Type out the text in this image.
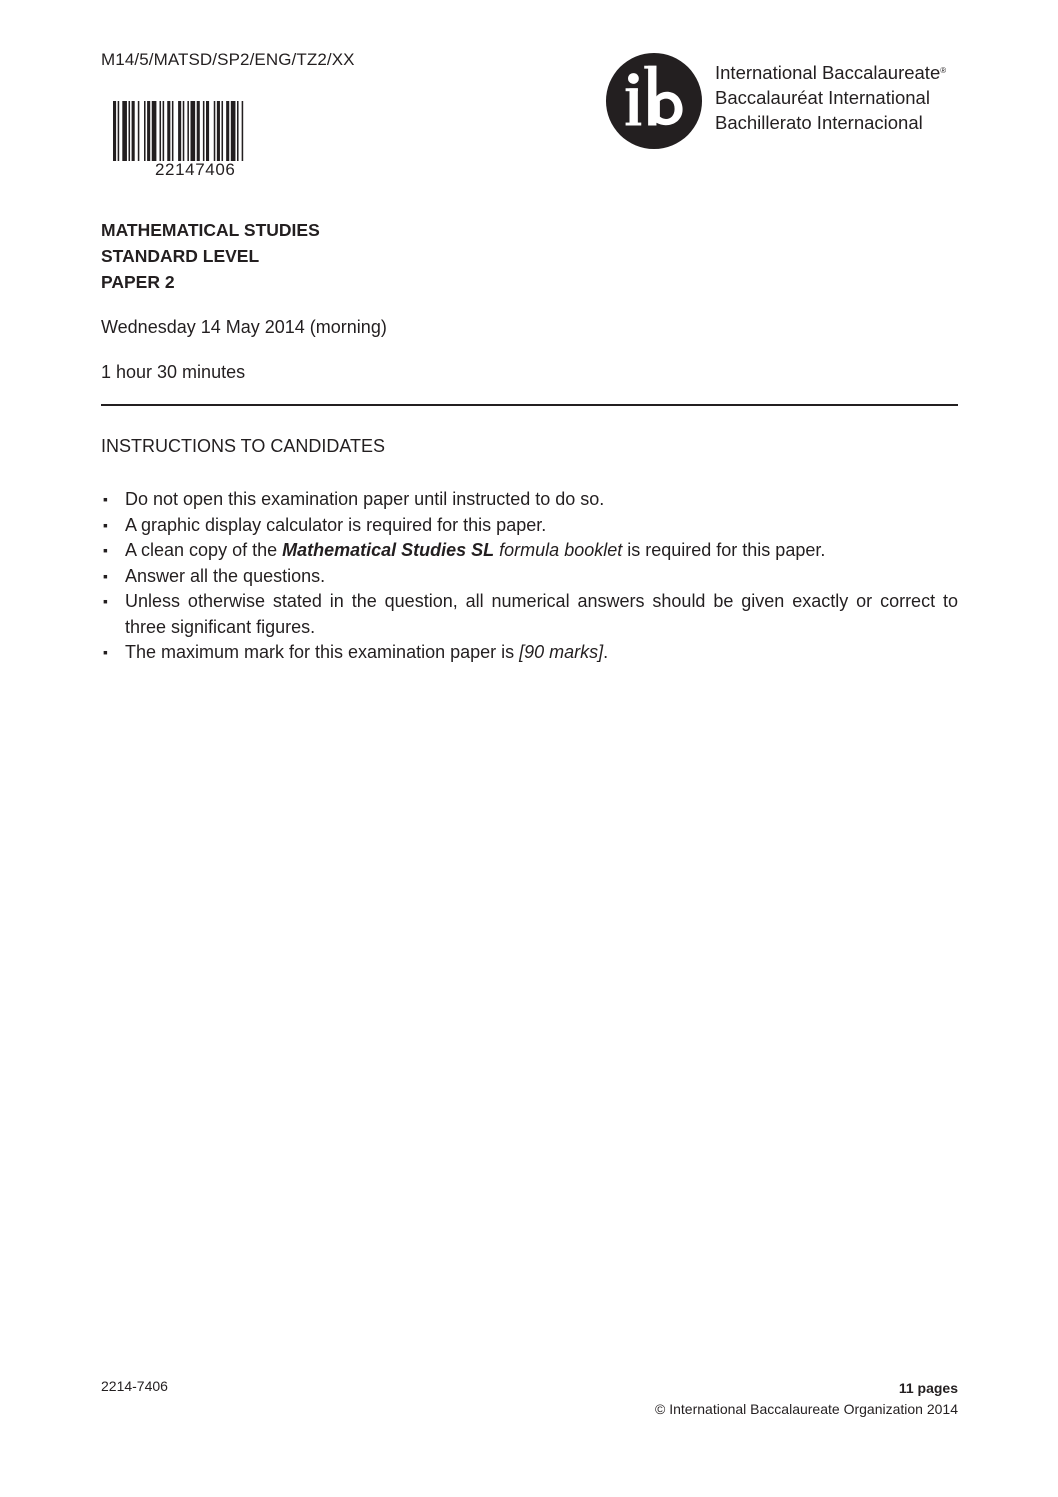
M14/5/MATSD/SP2/ENG/TZ2/XX
22147406
International Baccalaureate®
Baccalauréat International
Bachillerato Internacional
MATHEMATICAL STUDIES
STANDARD LEVEL
PAPER 2
Wednesday 14 May 2014 (morning)
1 hour 30 minutes
INSTRUCTIONS TO CANDIDATES
▪ Do not open this examination paper until instructed to do so.
▪ A graphic display calculator is required for this paper.
▪ A clean copy of the Mathematical Studies SL formula booklet is required for this paper.
▪ Answer all the questions.
▪ Unless otherwise stated in the question, all numerical answers should be given exactly or correct to three significant figures.
▪ The maximum mark for this examination paper is [90 marks].
2214-7406	11 pages
© International Baccalaureate Organization 2014
